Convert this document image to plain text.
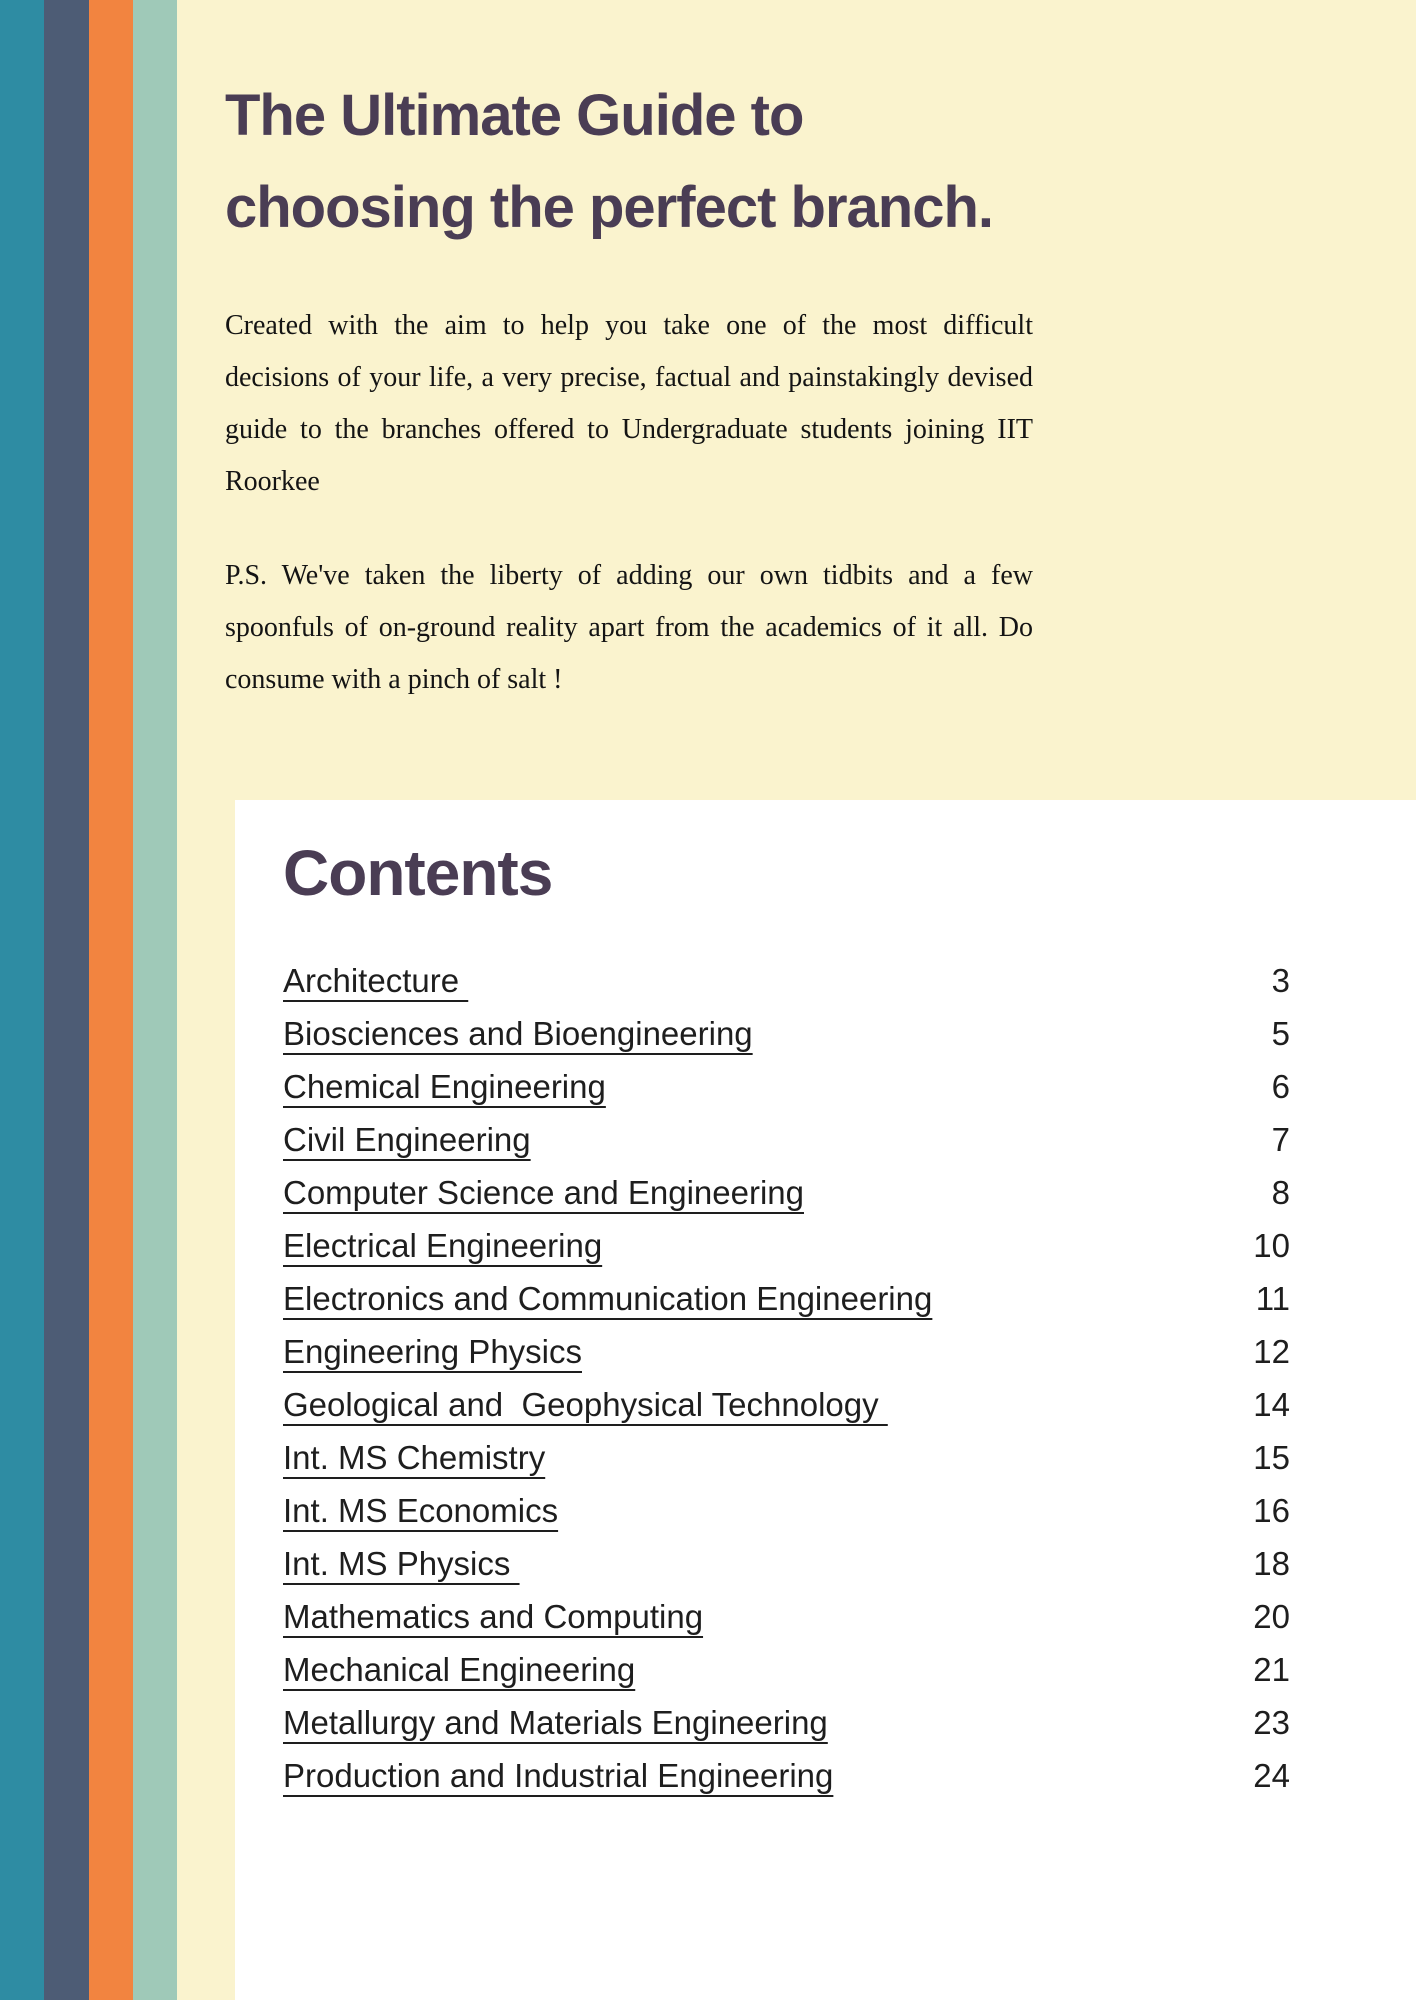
The Ultimate Guide to
choosing the perfect branch.

Created with the aim to help you take one of the most difficult decisions of your life, a very precise, factual and painstakingly devised guide to the branches offered to Undergraduate students joining IIT Roorkee

P.S. We've taken the liberty of adding our own tidbits and a few spoonfuls of on-ground reality apart from the academics of it all. Do consume with a pinch of salt !

Contents
Architecture	3
Biosciences and Bioengineering	5
Chemical Engineering	6
Civil Engineering	7
Computer Science and Engineering	8
Electrical Engineering	10
Electronics and Communication Engineering	11
Engineering Physics	12
Geological and  Geophysical Technology	14
Int. MS Chemistry	15
Int. MS Economics	16
Int. MS Physics	18
Mathematics and Computing	20
Mechanical Engineering	21
Metallurgy and Materials Engineering	23
Production and Industrial Engineering	24
